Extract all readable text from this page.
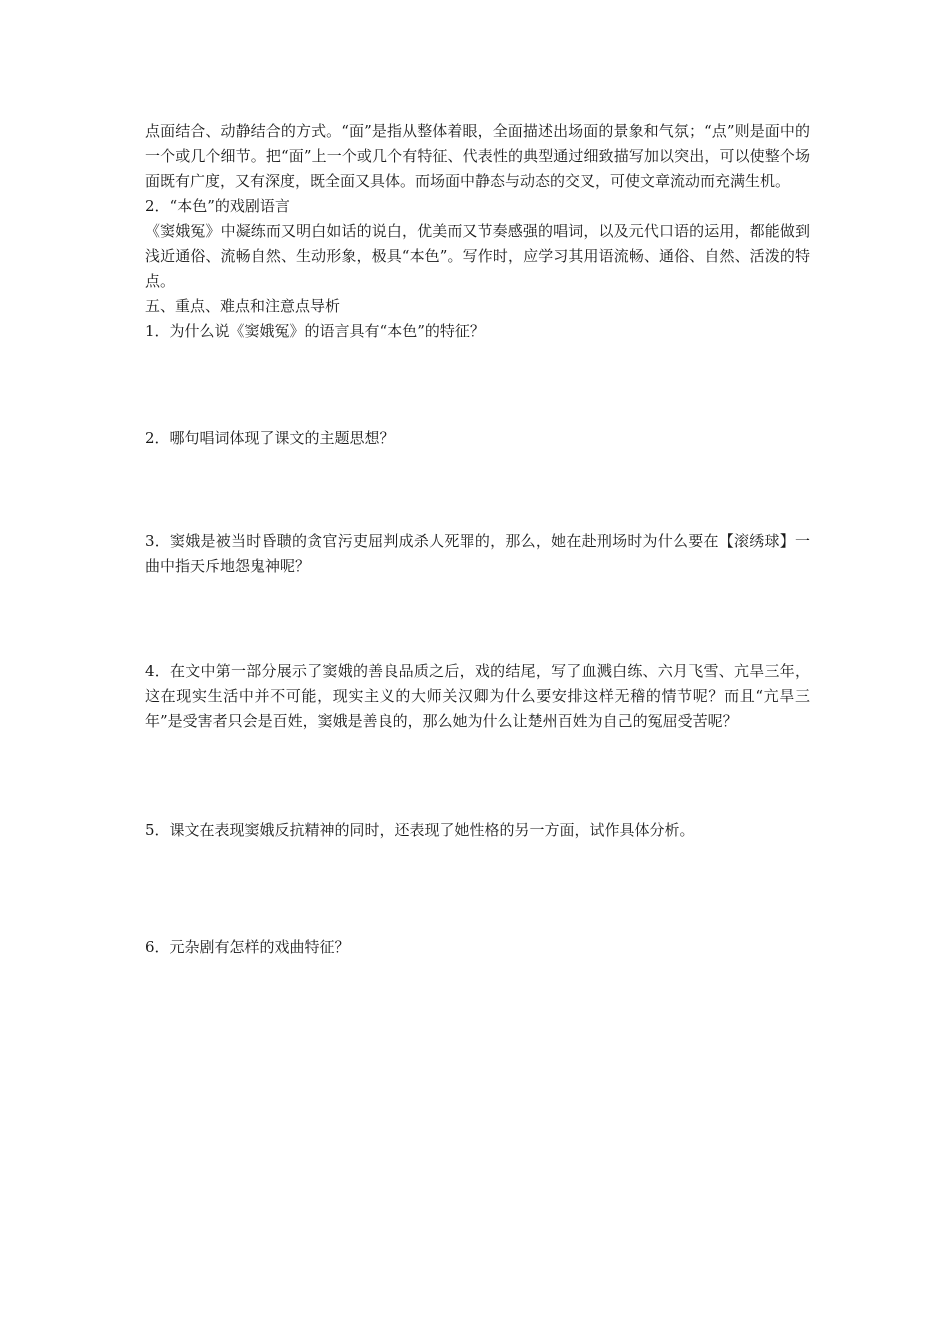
点面结合、动静结合的方式。“面”是指从整体着眼，全面描述出场面的景象和气氛；“点”则是面中的一个或几个细节。把“面”上一个或几个有特征、代表性的典型通过细致描写加以突出，可以使整个场面既有广度，又有深度，既全面又具体。而场面中静态与动态的交叉，可使文章流动而充满生机。

2．“本色”的戏剧语言

《窦娥冤》中凝练而又明白如话的说白，优美而又节奏感强的唱词，以及元代口语的运用，都能做到浅近通俗、流畅自然、生动形象，极具“本色”。写作时，应学习其用语流畅、通俗、自然、活泼的特点。

五、重点、难点和注意点导析

1．为什么说《窦娥冤》的语言具有“本色”的特征？

2．哪句唱词体现了课文的主题思想？

3．窦娥是被当时昏聩的贪官污吏屈判成杀人死罪的，那么，她在赴刑场时为什么要在【滚绣球】一曲中指天斥地怨鬼神呢？

4．在文中第一部分展示了窦娥的善良品质之后，戏的结尾，写了血溅白练、六月飞雪、亢旱三年，这在现实生活中并不可能，现实主义的大师关汉卿为什么要安排这样无稽的情节呢？而且“亢旱三年”是受害者只会是百姓，窦娥是善良的，那么她为什么让楚州百姓为自己的冤屈受苦呢？

5．课文在表现窦娥反抗精神的同时，还表现了她性格的另一方面，试作具体分析。

6．元杂剧有怎样的戏曲特征？
